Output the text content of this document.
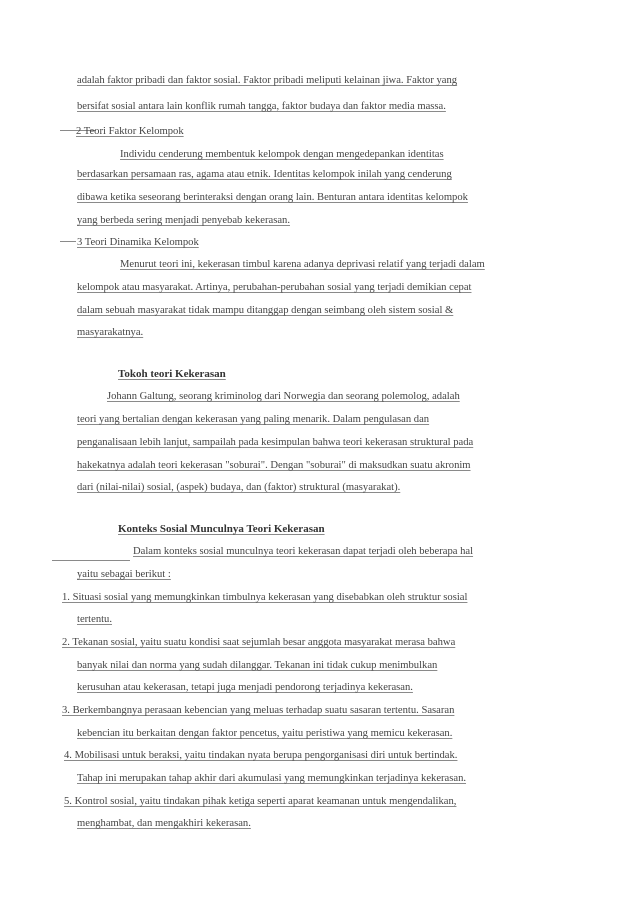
adalah faktor pribadi dan faktor sosial. Faktor pribadi meliputi kelainan jiwa. Faktor yang

bersifat sosial antara lain konflik rumah tangga, faktor budaya dan faktor media massa.

2 Teori Faktor Kelompok

Individu cenderung membentuk kelompok dengan mengedepankan identitas

berdasarkan persamaan ras, agama atau etnik. Identitas kelompok inilah yang cenderung

dibawa ketika seseorang berinteraksi dengan orang lain. Benturan antara identitas kelompok

yang berbeda sering menjadi penyebab kekerasan.

3 Teori Dinamika Kelompok

Menurut teori ini, kekerasan timbul karena adanya deprivasi relatif yang terjadi dalam

kelompok atau masyarakat. Artinya, perubahan-perubahan sosial yang terjadi demikian cepat

dalam sebuah masyarakat tidak mampu ditanggap dengan seimbang oleh sistem sosial &

masyarakatnya.

Tokoh teori Kekerasan

Johann Galtung, seorang kriminolog dari Norwegia dan seorang polemolog, adalah

teori yang bertalian dengan kekerasan yang paling menarik. Dalam pengulasan dan

penganalisaan lebih lanjut, sampailah pada kesimpulan bahwa teori kekerasan struktural pada

hakekatnya adalah teori kekerasan "soburai". Dengan "soburai" di maksudkan suatu akronim

dari (nilai-nilai) sosial, (aspek) budaya, dan (faktor) struktural (masyarakat).

Konteks Sosial Munculnya Teori Kekerasan

Dalam konteks sosial munculnya teori kekerasan dapat terjadi oleh beberapa hal

yaitu sebagai berikut :

1. Situasi sosial yang memungkinkan timbulnya kekerasan yang disebabkan oleh struktur sosial

tertentu.

2. Tekanan sosial, yaitu suatu kondisi saat sejumlah besar anggota masyarakat merasa bahwa

banyak nilai dan norma yang sudah dilanggar. Tekanan ini tidak cukup menimbulkan

kerusuhan atau kekerasan, tetapi juga menjadi pendorong terjadinya kekerasan.

3. Berkembangnya perasaan kebencian yang meluas terhadap suatu sasaran tertentu. Sasaran

kebencian itu berkaitan dengan faktor pencetus, yaitu peristiwa yang memicu kekerasan.

4. Mobilisasi untuk beraksi, yaitu tindakan nyata berupa pengorganisasi diri untuk bertindak.

Tahap ini merupakan tahap akhir dari akumulasi yang memungkinkan terjadinya kekerasan.

5. Kontrol sosial, yaitu tindakan pihak ketiga seperti aparat keamanan untuk mengendalikan,

menghambat, dan mengakhiri kekerasan.
